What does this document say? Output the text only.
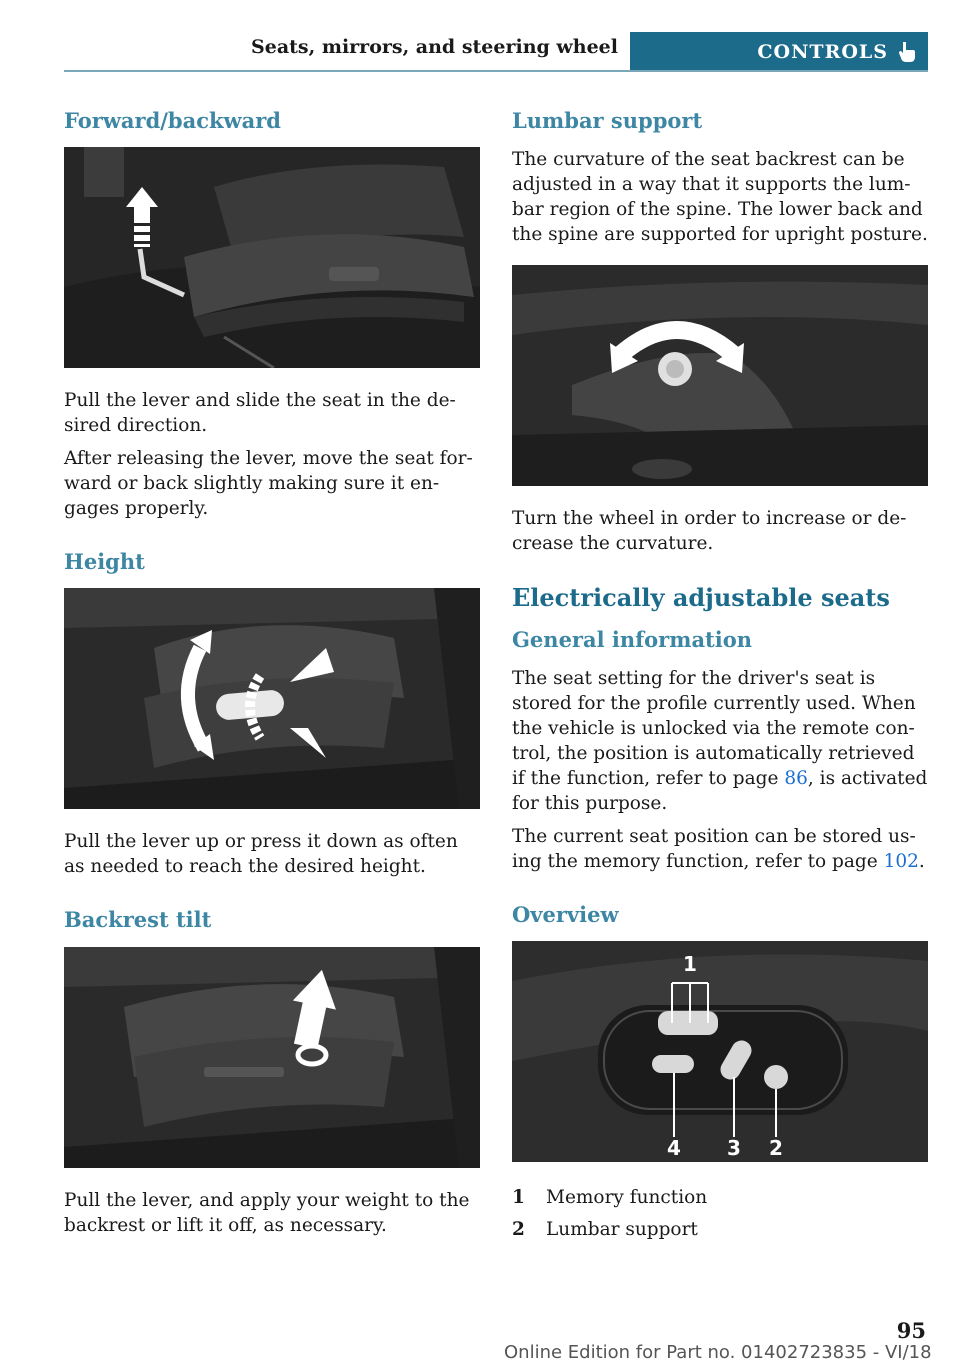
Seats, mirrors, and steering wheel	CONTROLS
Forward/backward

Pull the lever and slide the seat in the de-sired direction.

After releasing the lever, move the seat for-ward or back slightly making sure it en-gages properly.

Height

Pull the lever up or press it down as often as needed to reach the desired height.

Backrest tilt

Pull the lever, and apply your weight to the backrest or lift it off, as necessary.

Lumbar support

The curvature of the seat backrest can be adjusted in a way that it supports the lum-bar region of the spine. The lower back and the spine are supported for upright posture.

Turn the wheel in order to increase or de-crease the curvature.

Electrically adjustable seats
General information

The seat setting for the driver's seat is stored for the profile currently used. When the vehicle is unlocked via the remote con-trol, the position is automatically retrieved if the function, refer to page 86, is activated for this purpose.

The current seat position can be stored us-ing the memory function, refer to page 102.

Overview
1
4 3 2
1	Memory function
2	Lumbar support
95
Online Edition for Part no. 01402723835 - VI/18
